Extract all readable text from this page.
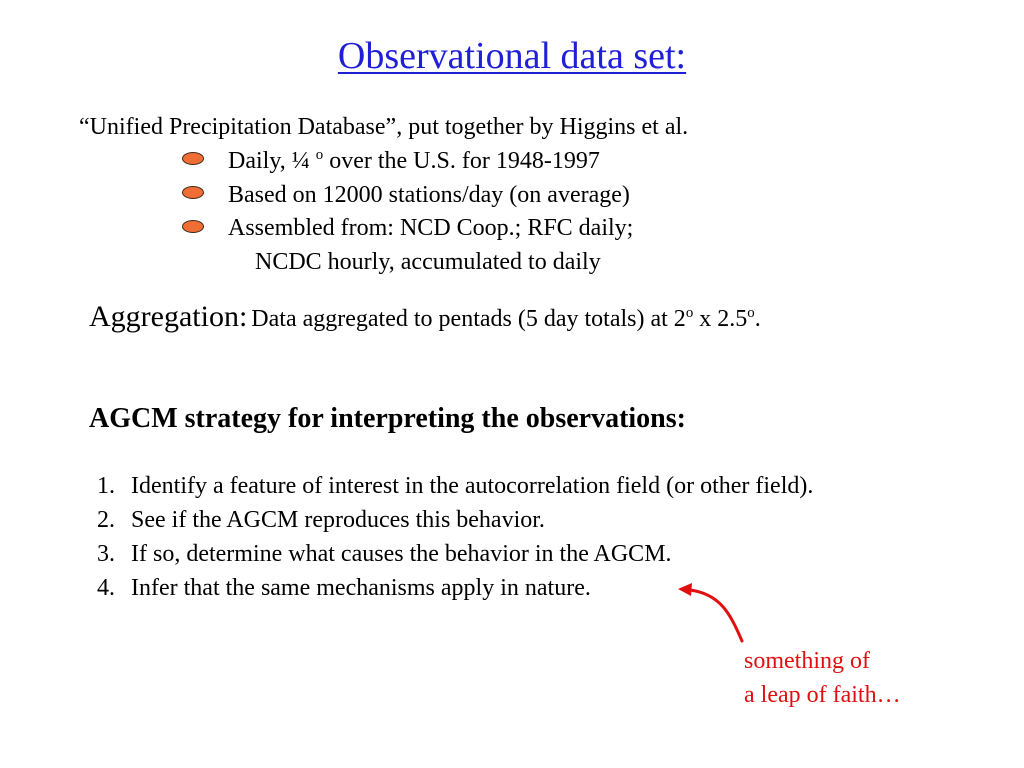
Observational data set:
“Unified Precipitation Database”, put together by Higgins et al.
Daily, ¼ $^o$ over the U.S. for 1948-1997
Based on 12000 stations/day (on average)
Assembled from: NCD Coop.; RFC daily;
NCDC hourly, accumulated to daily
Aggregation: Data aggregated to pentads (5 day totals) at 2$^o$ x 2.5$^o$.
AGCM strategy for interpreting the observations:
1. Identify a feature of interest in the autocorrelation field (or other field).
2. See if the AGCM reproduces this behavior.
3. If so, determine what causes the behavior in the AGCM.
4. Infer that the same mechanisms apply in nature.
something of
a leap of faith…
